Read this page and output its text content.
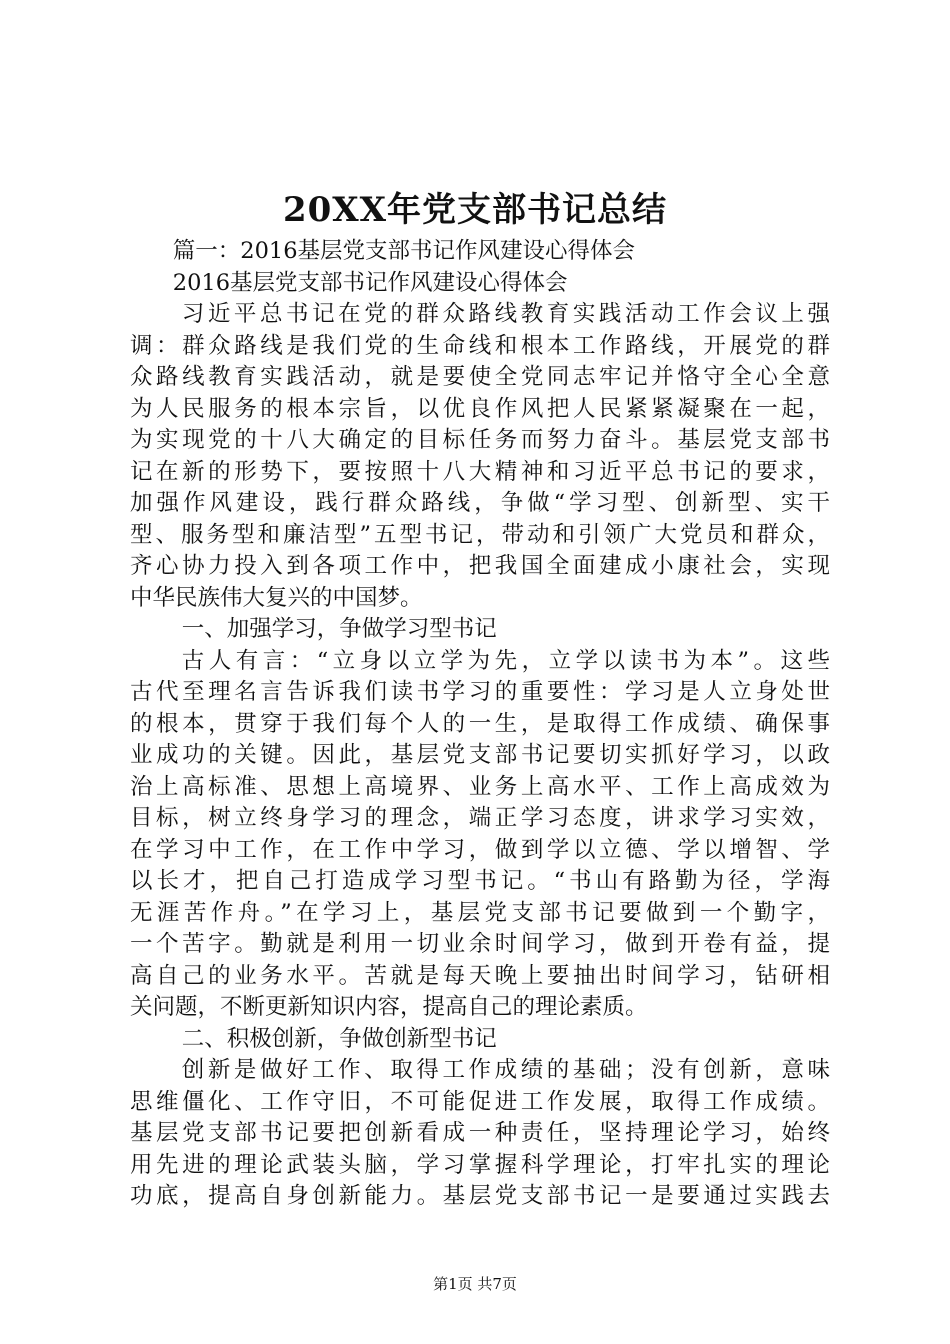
20XX年党支部书记总结
篇一：2016基层党支部书记作风建设心得体会
2016基层党支部书记作风建设心得体会
习近平总书记在党的群众路线教育实践活动工作会议上强
调：群众路线是我们党的生命线和根本工作路线，开展党的群
众路线教育实践活动，就是要使全党同志牢记并恪守全心全意
为人民服务的根本宗旨，以优良作风把人民紧紧凝聚在一起，
为实现党的十八大确定的目标任务而努力奋斗。基层党支部书
记在新的形势下，要按照十八大精神和习近平总书记的要求，
加强作风建设，践行群众路线，争做“学习型、创新型、实干
型、服务型和廉洁型”五型书记，带动和引领广大党员和群众，
齐心协力投入到各项工作中，把我国全面建成小康社会，实现
中华民族伟大复兴的中国梦。
一、加强学习，争做学习型书记
古人有言：“立身以立学为先，立学以读书为本”。这些
古代至理名言告诉我们读书学习的重要性：学习是人立身处世
的根本，贯穿于我们每个人的一生，是取得工作成绩、确保事
业成功的关键。因此，基层党支部书记要切实抓好学习，以政
治上高标准、思想上高境界、业务上高水平、工作上高成效为
目标，树立终身学习的理念，端正学习态度，讲求学习实效，
在学习中工作，在工作中学习，做到学以立德、学以增智、学
以长才，把自己打造成学习型书记。“书山有路勤为径，学海
无涯苦作舟。”在学习上，基层党支部书记要做到一个勤字，
一个苦字。勤就是利用一切业余时间学习，做到开卷有益，提
高自己的业务水平。苦就是每天晚上要抽出时间学习，钻研相
关问题，不断更新知识内容，提高自己的理论素质。
二、积极创新，争做创新型书记
创新是做好工作、取得工作成绩的基础；没有创新，意味
思维僵化、工作守旧，不可能促进工作发展，取得工作成绩。
基层党支部书记要把创新看成一种责任，坚持理论学习，始终
用先进的理论武装头脑，学习掌握科学理论，打牢扎实的理论
功底，提高自身创新能力。基层党支部书记一是要通过实践去
第1页 共7页
